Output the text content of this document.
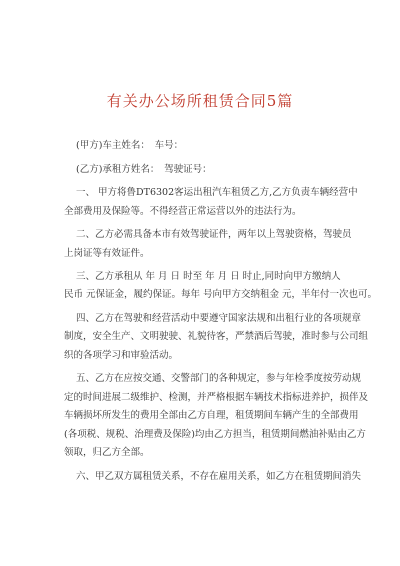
有关办公场所租赁合同5篇
(甲方)车主姓名：　车号：
(乙方)承租方姓名：　驾驶证号：
一、 甲方将鲁DT6302客运出租汽车租赁乙方,乙方负责车辆经营中
全部费用及保险等。不得经营正常运营以外的违法行为。
二、乙方必需具备本市有效驾驶证件，两年以上驾驶资格，驾驶员
上岗证等有效证件。
三、乙方承租从 年 月 日 时至 年 月 日 时止,同时向甲方缴纳人
民币 元保证金，履约保证。每年 号向甲方交纳租金 元，半年付一次也可。
四、乙方在驾驶和经营活动中要遵守国家法规和出租行业的各项规章
制度，安全生产、文明驶驶、礼貌待客，严禁酒后驾驶，准时参与公司组
织的各项学习和审验活动。
五、乙方在应按交通、交警部门的各种规定，参与年检季度按劳动规
定的时间进展二级维护、检测，并严格根据车辆技术指标进养护，损伴及
车辆损坏所发生的费用全部由乙方自理，租赁期间车辆产生的全部费用
(各项税、规税、治理费及保险)均由乙方担当，租赁期间燃油补贴由乙方
领取，归乙方全部。
六、甲乙双方属租赁关系，不存在雇用关系，如乙方在租赁期间消失
